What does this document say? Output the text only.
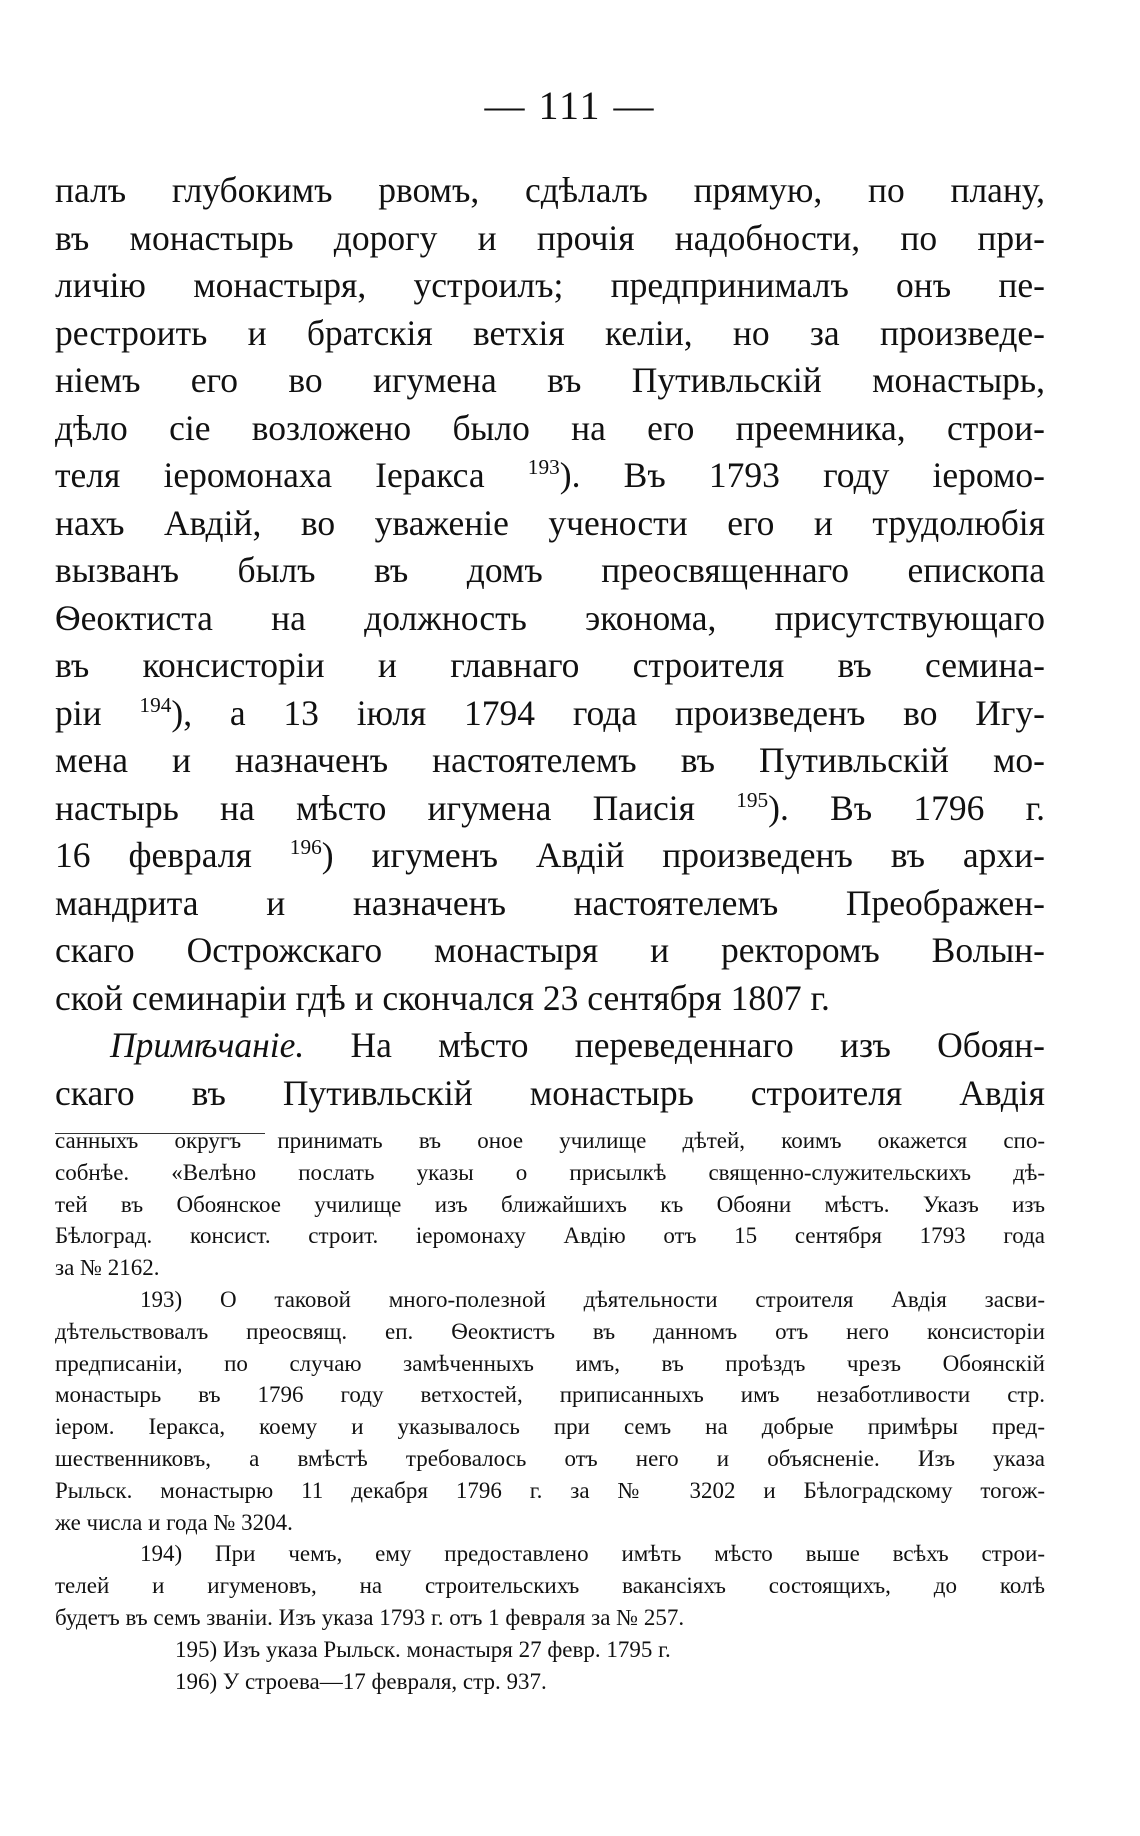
— 111 —
палъ глубокимъ рвомъ, сдѣлалъ прямую, по плану,
въ монастырь дорогу и прочія надобности, по при-
личію монастыря, устроилъ; предпринималъ онъ пе-
рестроить и братскія ветхія келіи, но за произведе-
ніемъ его во игумена въ Путивльскій монастырь,
дѣло сіе возложено было на его преемника, строи-
теля іеромонаха Іеракса $^{193}$). Въ 1793 году іеромо-
нахъ Авдій, во уваженіе учености его и трудолюбія
вызванъ былъ въ домъ преосвященнаго епископа
Ѳеоктиста на должность эконома, присутствующаго
въ консисторіи и главнаго строителя въ семина-
ріи $^{194}$), а 13 іюля 1794 года произведенъ во Игу-
мена и назначенъ настоятелемъ въ Путивльскій мо-
настырь на мѣсто игумена Паисія $^{195}$). Въ 1796 г.
16 февраля $^{196}$) игуменъ Авдій произведенъ въ архи-
мандрита и назначенъ настоятелемъ Преображен-
скаго Острожскаго монастыря и ректоромъ Волын-
ской семинаріи гдѣ и скончался 23 сентября 1807 г.
Примѣчаніе. На мѣсто переведеннаго изъ Обоян-
скаго въ Путивльскій монастырь строителя Авдія
санныхъ округъ принимать въ оное училище дѣтей, коимъ окажется спо-
собнѣе. «Велѣно послать указы о присылкѣ священно-служительскихъ дѣ-
тей въ Обоянское училище изъ ближайшихъ къ Обояни мѣстъ. Указъ изъ
Бѣлоград. консист. строит. іеромонаху Авдію отъ 15 сентября 1793 года
за № 2162.
193) О таковой много-полезной дѣятельности строителя Авдія засви-
дѣтельствовалъ преосвящ. еп. Ѳеоктистъ въ данномъ отъ него консисторіи
предписаніи, по случаю замѣченныхъ имъ, въ проѣздъ чрезъ Обоянскій
монастырь въ 1796 году ветхостей, приписанныхъ имъ незаботливости стр.
іером. Іеракса, коему и указывалось при семъ на добрые примѣры пред-
шественниковъ, а вмѣстѣ требовалось отъ него и объясненіе. Изъ указа
Рыльск. монастырю 11 декабря 1796 г. за № 3202 и Бѣлоградскому тогож-
же числа и года № 3204.
194) При чемъ, ему предоставлено имѣть мѣсто выше всѣхъ строи-
телей и игуменовъ, на строительскихъ вакансіяхъ состоящихъ, до колѣ
будетъ въ семъ званіи. Изъ указа 1793 г. отъ 1 февраля за № 257.
195) Изъ указа Рыльск. монастыря 27 февр. 1795 г.
196) У строева—17 февраля, стр. 937.
